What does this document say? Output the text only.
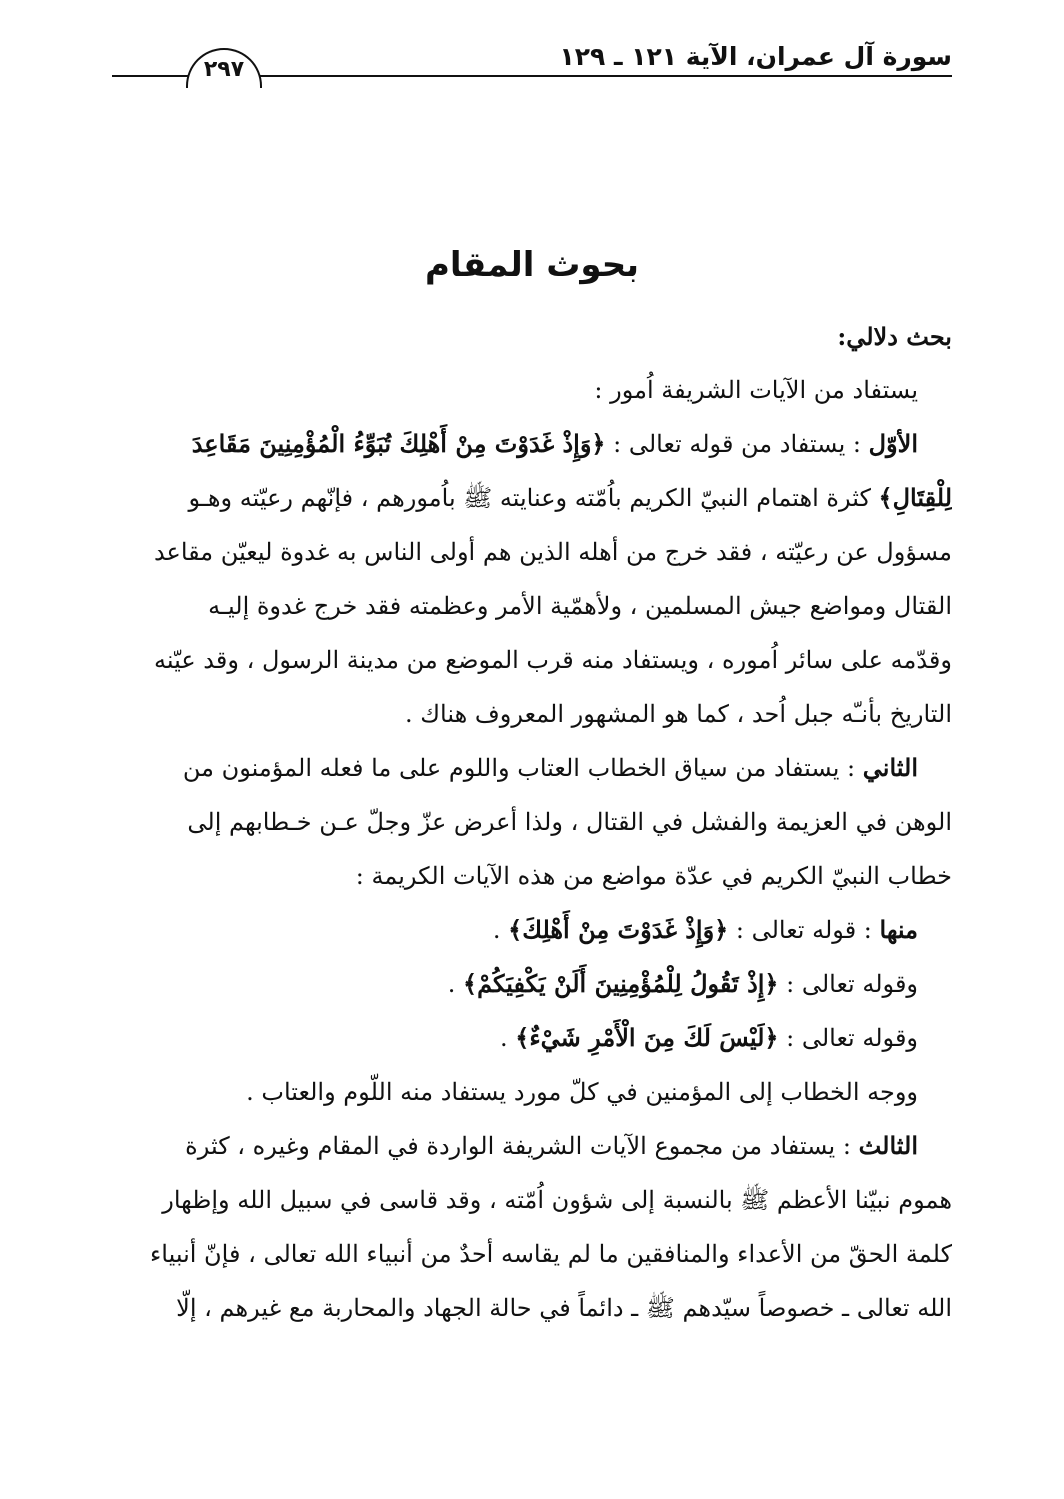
سورة آل عمران، الآية ١٢١ ـ ١٢٩
٢٩٧
بحوث المقام
بحث دلالي:
يستفاد من الآيات الشريفة اُمور :
الأوّل : يستفاد من قوله تعالى : ﴿وَإِذْ غَدَوْتَ مِنْ أَهْلِكَ تُبَوِّءُ الْمُؤْمِنِينَ مَقَاعِدَ
لِلْقِتَالِ﴾ كثرة اهتمام النبيّ الكريم باُمّته وعنايته ﷺ باُمورهم ، فإنّهم رعيّته وهـو
مسؤول عن رعيّته ، فقد خرج من أهله الذين هم أولى الناس به غدوة ليعيّن مقاعد
القتال ومواضع جيش المسلمين ، ولأهمّية الأمر وعظمته فقد خرج غدوة إليـه
وقدّمه على سائر اُموره ، ويستفاد منه قرب الموضع من مدينة الرسول ، وقد عيّنه
التاريخ بأنـّه جبل اُحد ، كما هو المشهور المعروف هناك .
الثاني : يستفاد من سياق الخطاب العتاب واللوم على ما فعله المؤمنون من
الوهن في العزيمة والفشل في القتال ، ولذا أعرض عزّ وجلّ عـن خـطابهم إلى
خطاب النبيّ الكريم في عدّة مواضع من هذه الآيات الكريمة :
منها : قوله تعالى : ﴿وَإِذْ غَدَوْتَ مِنْ أَهْلِكَ﴾ .
وقوله تعالى : ﴿إِذْ تَقُولُ لِلْمُؤْمِنِينَ أَلَنْ يَكْفِيَكُمْ﴾ .
وقوله تعالى : ﴿لَيْسَ لَكَ مِنَ الْأَمْرِ شَيْءٌ﴾ .
ووجه الخطاب إلى المؤمنين في كلّ مورد يستفاد منه اللّوم والعتاب .
الثالث : يستفاد من مجموع الآيات الشريفة الواردة في المقام وغيره ، كثرة
هموم نبيّنا الأعظم ﷺ بالنسبة إلى شؤون اُمّته ، وقد قاسى في سبيل الله وإظهار
كلمة الحقّ من الأعداء والمنافقين ما لم يقاسه أحدٌ من أنبياء الله تعالى ، فإنّ أنبياء
الله تعالى ـ خصوصاً سيّدهم ﷺ ـ دائماً في حالة الجهاد والمحاربة مع غيرهم ، إلّا
